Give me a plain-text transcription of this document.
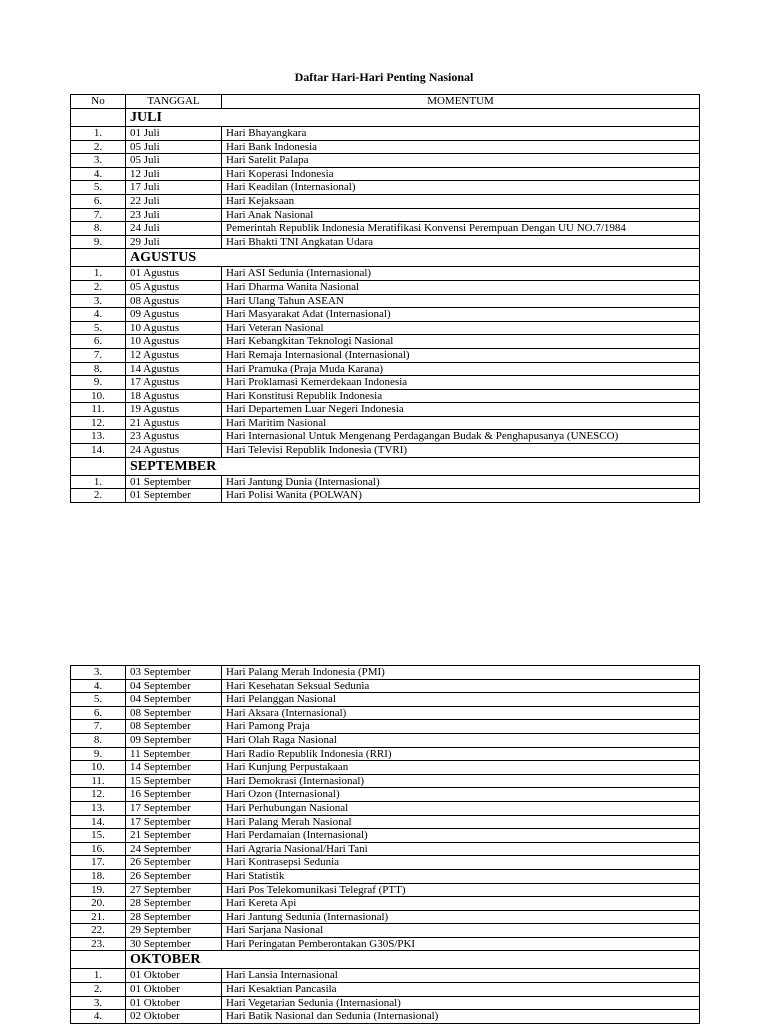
Daftar Hari-Hari Penting Nasional
No	TANGGAL	MOMENTUM
	JULI	
1.	01 Juli	Hari Bhayangkara
2.	05 Juli	Hari Bank Indonesia
3.	05 Juli	Hari Satelit Palapa
4.	12 Juli	Hari Koperasi Indonesia
5.	17 Juli	Hari Keadilan (Internasional)
6.	22 Juli	Hari Kejaksaan
7.	23 Juli	Hari Anak Nasional
8.	24 Juli	Pemerintah Republik Indonesia Meratifikasi Konvensi Perempuan Dengan UU NO.7/1984
9.	29 Juli	Hari Bhakti TNI Angkatan Udara
	AGUSTUS	
1.	01 Agustus	Hari ASI Sedunia (Internasional)
2.	05 Agustus	Hari Dharma Wanita Nasional
3.	08 Agustus	Hari Ulang Tahun ASEAN
4.	09 Agustus	Hari Masyarakat Adat (Internasional)
5.	10 Agustus	Hari Veteran Nasional
6.	10 Agustus	Hari Kebangkitan Teknologi Nasional
7.	12 Agustus	Hari Remaja Internasional (Internasional)
8.	14 Agustus	Hari Pramuka (Praja Muda Karana)
9.	17 Agustus	Hari Proklamasi Kemerdekaan Indonesia
10.	18 Agustus	Hari Konstitusi Republik Indonesia
11.	19 Agustus	Hari Departemen Luar Negeri Indonesia
12.	21 Agustus	Hari Maritim Nasional
13.	23 Agustus	Hari Internasional Untuk Mengenang Perdagangan Budak & Penghapusanya (UNESCO)
14.	24 Agustus	Hari Televisi Republik Indonesia (TVRI)
	SEPTEMBER	
1.	01 September	Hari Jantung Dunia (Internasional)
2.	01 September	Hari Polisi Wanita (POLWAN)
3.	03 September	Hari Palang Merah Indonesia (PMI)
4.	04 September	Hari Kesehatan Seksual Sedunia
5.	04 September	Hari Pelanggan Nasional
6.	08 September	Hari Aksara (Internasional)
7.	08 September	Hari Pamong Praja
8.	09 September	Hari Olah Raga Nasional
9.	11 September	Hari Radio Republik Indonesia (RRI)
10.	14 September	Hari Kunjung Perpustakaan
11.	15 September	Hari Demokrasi (Internasional)
12.	16 September	Hari Ozon (Internasional)
13.	17 September	Hari Perhubungan Nasional
14.	17 September	Hari Palang Merah Nasional
15.	21 September	Hari Perdamaian (Internasional)
16.	24 September	Hari Agraria Nasional/Hari Tani
17.	26 September	Hari Kontrasepsi Sedunia
18.	26 September	Hari Statistik
19.	27 September	Hari Pos Telekomunikasi Telegraf (PTT)
20.	28 September	Hari Kereta Api
21.	28 September	Hari Jantung Sedunia (Internasional)
22.	29 September	Hari Sarjana Nasional
23.	30 September	Hari Peringatan Pemberontakan G30S/PKI
	OKTOBER	
1.	01 Oktober	Hari Lansia Internasional
2.	01 Oktober	Hari Kesaktian Pancasila
3.	01 Oktober	Hari Vegetarian Sedunia (Internasional)
4.	02 Oktober	Hari Batik Nasional dan Sedunia (Internasional)
